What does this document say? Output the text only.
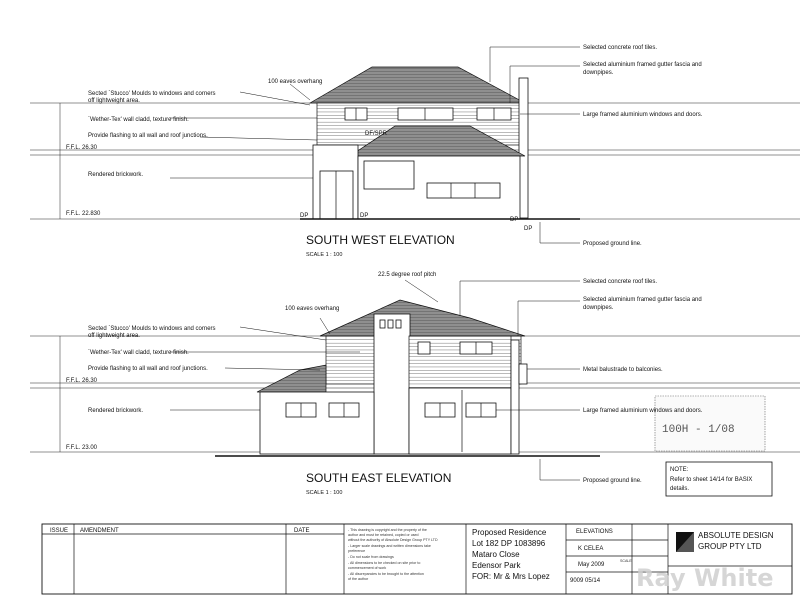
100 eaves overhang
Sected `Stucco' Moulds to windows and corners
off lightweight area.
`Wether-Tex' wall cladd, texture finish.
Provide flashing to all wall and roof junctions.
Rendered brickwork.
F.F.L. 26.30
F.F.L. 22.830
DF/SPR
DP	DP
DP
DP
Selected concrete roof tiles.
Selected aluminium framed gutter fascia and
downpipes.
Large framed aluminium windows and doors.
Proposed ground line.
SOUTH WEST ELEVATION
SCALE 1 : 100
22.5 degree roof pitch
100 eaves overhang
Sected `Stucco' Moulds to windows and corners
off lightweight area.
`Wether-Tex' wall cladd, texture finish.
Provide flashing to all wall and roof junctions.
Rendered brickwork.
F.F.L. 26.30
F.F.L. 23.00
Selected concrete roof tiles.
Selected aluminium framed gutter fascia and
downpipes.
Metal balustrade to balconies.
Large framed aluminium windows and doors.
Proposed ground line.
SOUTH EAST ELEVATION
SCALE 1 : 100
100H - 1/08
NOTE:
Refer to sheet 14/14 for BASIX
details.
ISSUE AMENDMENT	DATE	- This drawing is copyright and the property of the
author and must be retained, copied or used
without the authority of Absolute Design Group PTY LTD
- Larger scale drawings and written dimensions take
preference
- Do not scale from drawings
- All dimensions to be checked on site prior to
commencement of work
- All discrepancies to be brought to the attention
of the author
Proposed Residence
Lot 182 DP 1083896
Mataro Close
Edensor Park
FOR: Mr & Mrs Lopez
ELEVATIONS
K CELEA
May 2009
SCALE
9009 05/14
ABSOLUTE DESIGN
GROUP PTY LTD
Ray White
